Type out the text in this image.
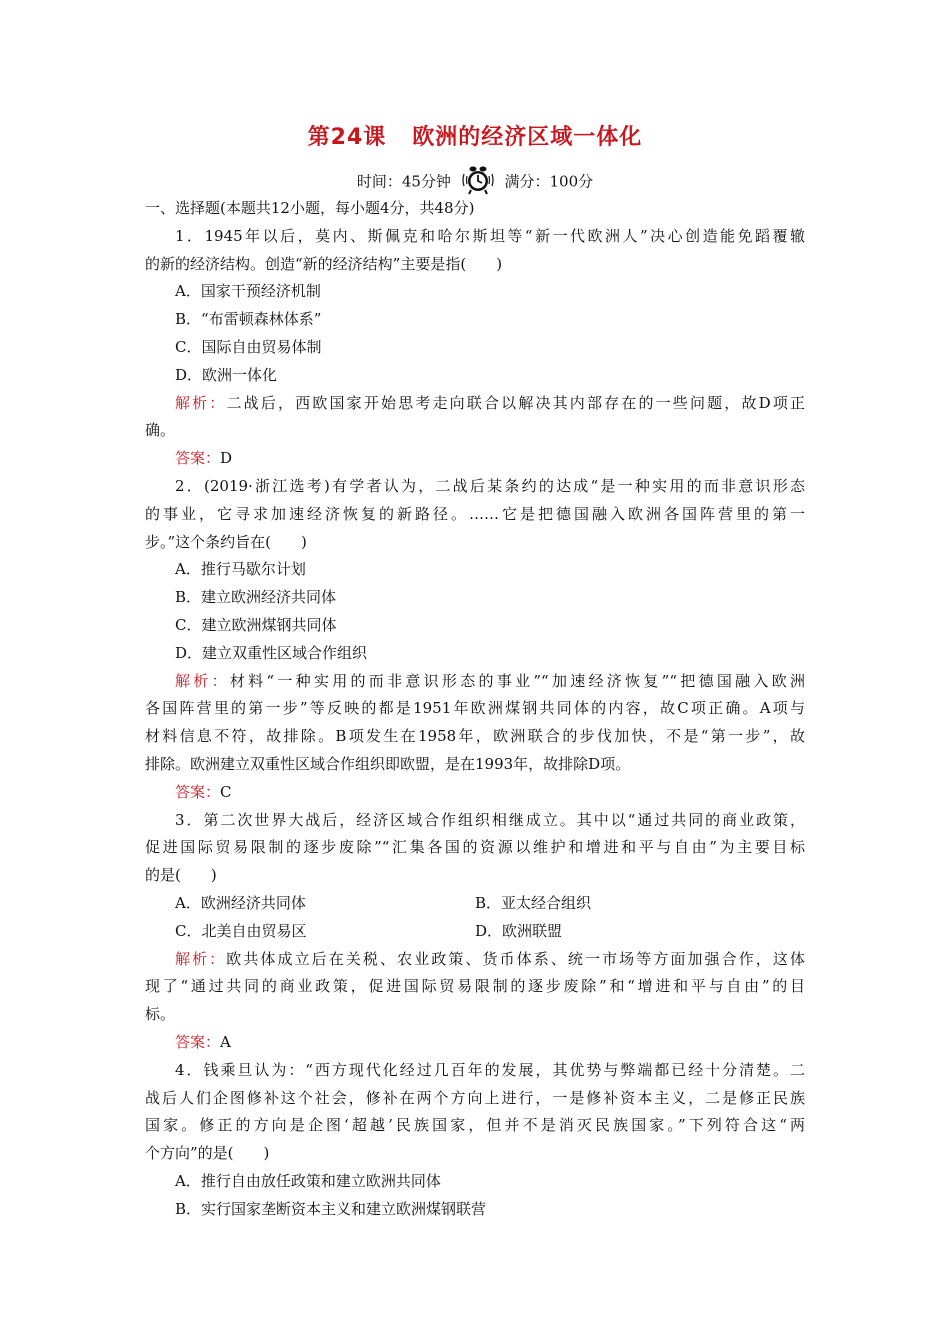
第24课 欧洲的经济区域一体化
时间：45分钟	满分：100分
一、选择题(本题共12小题，每小题4分，共48分)
1．1945年以后，莫内、斯佩克和哈尔斯坦等“新一代欧洲人”决心创造能免蹈覆辙
的新的经济结构。创造“新的经济结构”主要是指(　　)
A．国家干预经济机制
B．“布雷顿森林体系”
C．国际自由贸易体制
D．欧洲一体化
解析：二战后，西欧国家开始思考走向联合以解决其内部存在的一些问题，故D项正
确。
答案：D
2．(2019·浙江选考)有学者认为，二战后某条约的达成“是一种实用的而非意识形态
的事业，它寻求加速经济恢复的新路径。……它是把德国融入欧洲各国阵营里的第一
步。”这个条约旨在(　　)
A．推行马歇尔计划
B．建立欧洲经济共同体
C．建立欧洲煤钢共同体
D．建立双重性区域合作组织
解析：材料“一种实用的而非意识形态的事业”“加速经济恢复”“把德国融入欧洲
各国阵营里的第一步”等反映的都是1951年欧洲煤钢共同体的内容，故C项正确。A项与
材料信息不符，故排除。B项发生在1958年，欧洲联合的步伐加快，不是“第一步”，故
排除。欧洲建立双重性区域合作组织即欧盟，是在1993年，故排除D项。
答案：C
3．第二次世界大战后，经济区域合作组织相继成立。其中以“通过共同的商业政策，
促进国际贸易限制的逐步废除”“汇集各国的资源以维护和增进和平与自由”为主要目标
的是(　　)
A．欧洲经济共同体	B．亚太经合组织
C．北美自由贸易区	D．欧洲联盟
解析：欧共体成立后在关税、农业政策、货币体系、统一市场等方面加强合作，这体
现了“通过共同的商业政策，促进国际贸易限制的逐步废除”和“增进和平与自由”的目
标。
答案：A
4．钱乘旦认为：“西方现代化经过几百年的发展，其优势与弊端都已经十分清楚。二
战后人们企图修补这个社会，修补在两个方向上进行，一是修补资本主义，二是修正民族
国家。修正的方向是企图‘超越’民族国家，但并不是消灭民族国家。”下列符合这“两
个方向”的是(　　)
A．推行自由放任政策和建立欧洲共同体
B．实行国家垄断资本主义和建立欧洲煤钢联营
